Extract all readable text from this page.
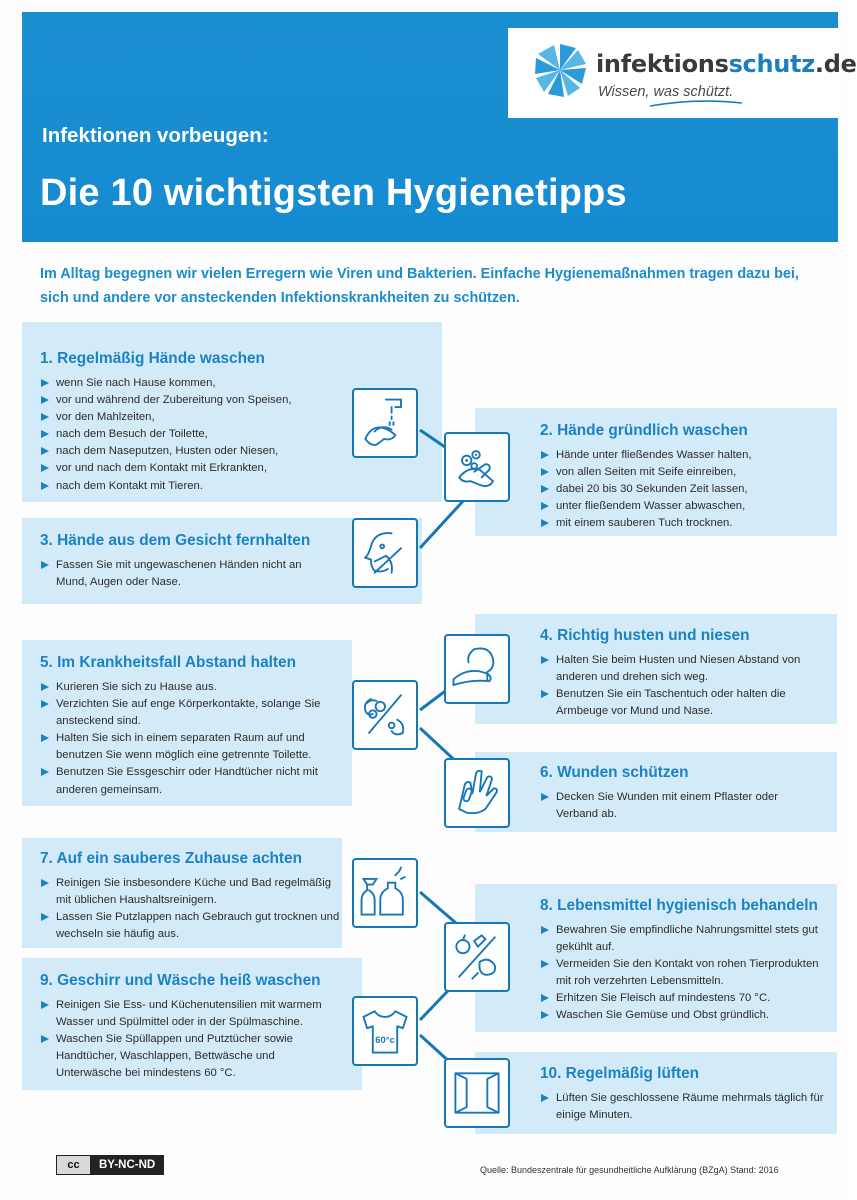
infektionsschutz.de
Wissen, was schützt.
Infektionen vorbeugen:
Die 10 wichtigsten Hygienetipps
Im Alltag begegnen wir vielen Erregern wie Viren und Bakterien. Einfache Hygienemaßnahmen tragen dazu bei, sich und andere vor ansteckenden Infektionskrankheiten zu schützen.
60°c
1. Regelmäßig Hände waschen
wenn Sie nach Hause kommen,
vor und während der Zubereitung von Speisen,
vor den Mahlzeiten,
nach dem Besuch der Toilette,
nach dem Naseputzen, Husten oder Niesen,
vor und nach dem Kontakt mit Erkrankten,
nach dem Kontakt mit Tieren.
3. Hände aus dem Gesicht fernhalten
Fassen Sie mit ungewaschenen Händen nicht an Mund, Augen oder Nase.
5. Im Krankheitsfall Abstand halten
Kurieren Sie sich zu Hause aus.
Verzichten Sie auf enge Körperkontakte, solange Sie ansteckend sind.
Halten Sie sich in einem separaten Raum auf und benutzen Sie wenn möglich eine getrennte Toilette.
Benutzen Sie Essgeschirr oder Handtücher nicht mit anderen gemeinsam.
7. Auf ein sauberes Zuhause achten
Reinigen Sie insbesondere Küche und Bad regelmäßig mit üblichen Haushaltsreinigern.
Lassen Sie Putzlappen nach Gebrauch gut trocknen und wechseln sie häufig aus.
9. Geschirr und Wäsche heiß waschen
Reinigen Sie Ess- und Küchenutensilien mit warmem Wasser und Spülmittel oder in der Spülmaschine.
Waschen Sie Spüllappen und Putztücher sowie Handtücher, Waschlappen, Bettwäsche und Unterwäsche bei mindestens 60 °C.
2. Hände gründlich waschen
Hände unter fließendes Wasser halten,
von allen Seiten mit Seife einreiben,
dabei 20 bis 30 Sekunden Zeit lassen,
unter fließendem Wasser abwaschen,
mit einem sauberen Tuch trocknen.
4. Richtig husten und niesen
Halten Sie beim Husten und Niesen Abstand von anderen und drehen sich weg.
Benutzen Sie ein Taschentuch oder halten die Armbeuge vor Mund und Nase.
6. Wunden schützen
Decken Sie Wunden mit einem Pflaster oder Verband ab.
8. Lebensmittel hygienisch behandeln
Bewahren Sie empfindliche Nahrungsmittel stets gut gekühlt auf.
Vermeiden Sie den Kontakt von rohen Tierprodukten mit roh verzehrten Lebensmitteln.
Erhitzen Sie Fleisch auf mindestens 70 °C.
Waschen Sie Gemüse und Obst gründlich.
10. Regelmäßig lüften
Lüften Sie geschlossene Räume mehrmals täglich für einige Minuten.
cc	BY-NC-ND	Quelle: Bundeszentrale für gesundheitliche Aufklärung (BZgA) Stand: 2016
